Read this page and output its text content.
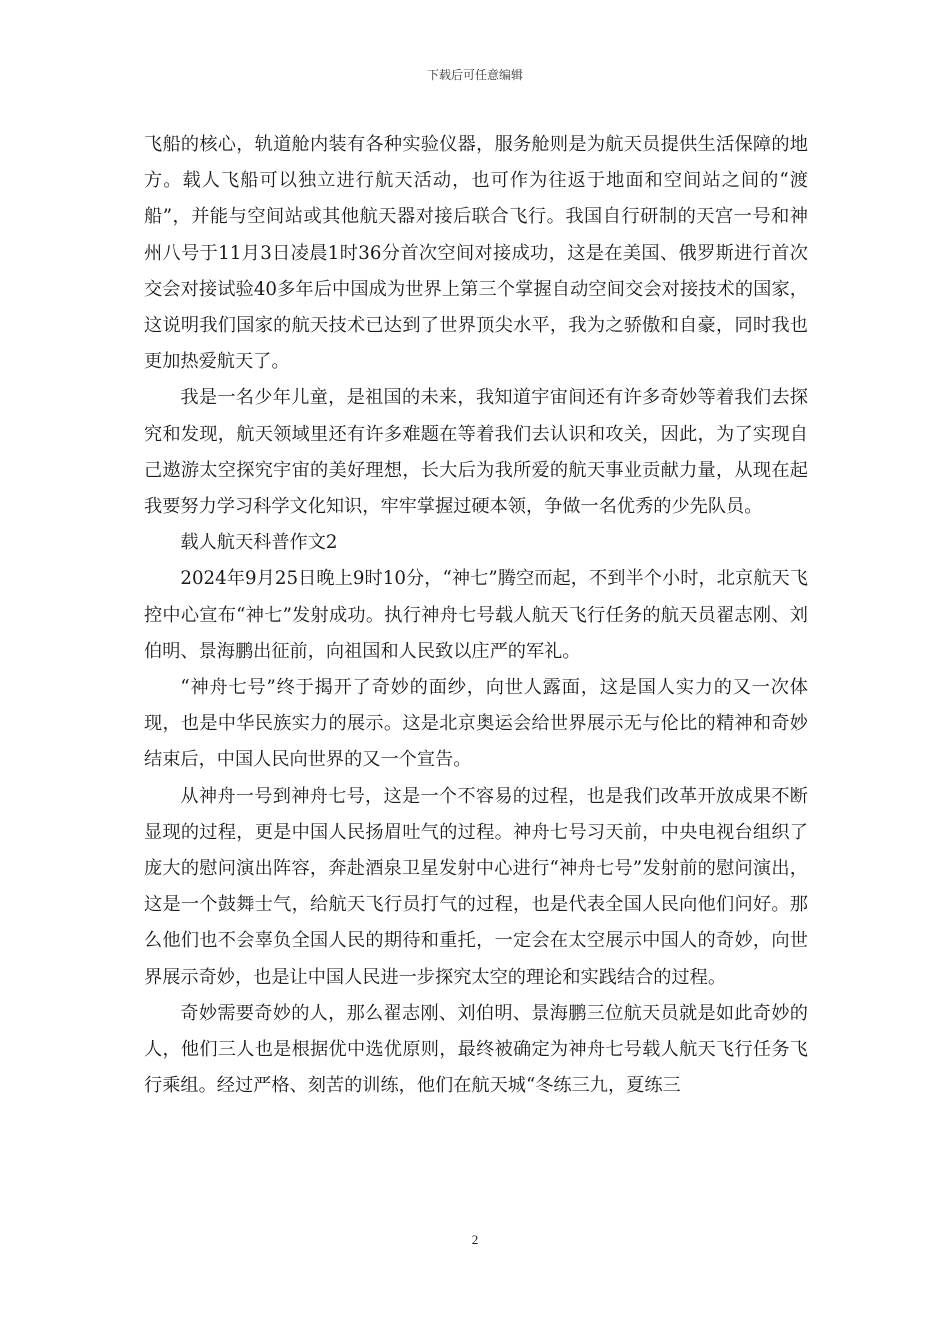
下载后可任意编辑

飞船的核心，轨道舱内装有各种实验仪器，服务舱则是为航天员提供生活保障的地方。载人飞船可以独立进行航天活动，也可作为往返于地面和空间站之间的“渡船”，并能与空间站或其他航天器对接后联合飞行。我国自行研制的天宫一号和神州八号于11月3日凌晨1时36分首次空间对接成功，这是在美国、俄罗斯进行首次交会对接试验40多年后中国成为世界上第三个掌握自动空间交会对接技术的国家，这说明我们国家的航天技术已达到了世界顶尖水平，我为之骄傲和自豪，同时我也更加热爱航天了。

我是一名少年儿童，是祖国的未来，我知道宇宙间还有许多奇妙等着我们去探究和发现，航天领域里还有许多难题在等着我们去认识和攻关，因此，为了实现自己遨游太空探究宇宙的美好理想，长大后为我所爱的航天事业贡献力量，从现在起我要努力学习科学文化知识，牢牢掌握过硬本领，争做一名优秀的少先队员。

载人航天科普作文2

2024年9月25日晚上9时10分，“神七”腾空而起，不到半个小时，北京航天飞控中心宣布“神七”发射成功。执行神舟七号载人航天飞行任务的航天员翟志刚、刘伯明、景海鹏出征前，向祖国和人民致以庄严的军礼。

“神舟七号”终于揭开了奇妙的面纱，向世人露面，这是国人实力的又一次体现，也是中华民族实力的展示。这是北京奥运会给世界展示无与伦比的精神和奇妙结束后，中国人民向世界的又一个宣告。

从神舟一号到神舟七号，这是一个不容易的过程，也是我们改革开放成果不断显现的过程，更是中国人民扬眉吐气的过程。神舟七号习天前，中央电视台组织了庞大的慰问演出阵容，奔赴酒泉卫星发射中心进行“神舟七号”发射前的慰问演出，这是一个鼓舞士气，给航天飞行员打气的过程，也是代表全国人民向他们问好。那么他们也不会辜负全国人民的期待和重托，一定会在太空展示中国人的奇妙，向世界展示奇妙，也是让中国人民进一步探究太空的理论和实践结合的过程。

奇妙需要奇妙的人，那么翟志刚、刘伯明、景海鹏三位航天员就是如此奇妙的人，他们三人也是根据优中选优原则，最终被确定为神舟七号载人航天飞行任务飞行乘组。经过严格、刻苦的训练，他们在航天城“冬练三九，夏练三

2
